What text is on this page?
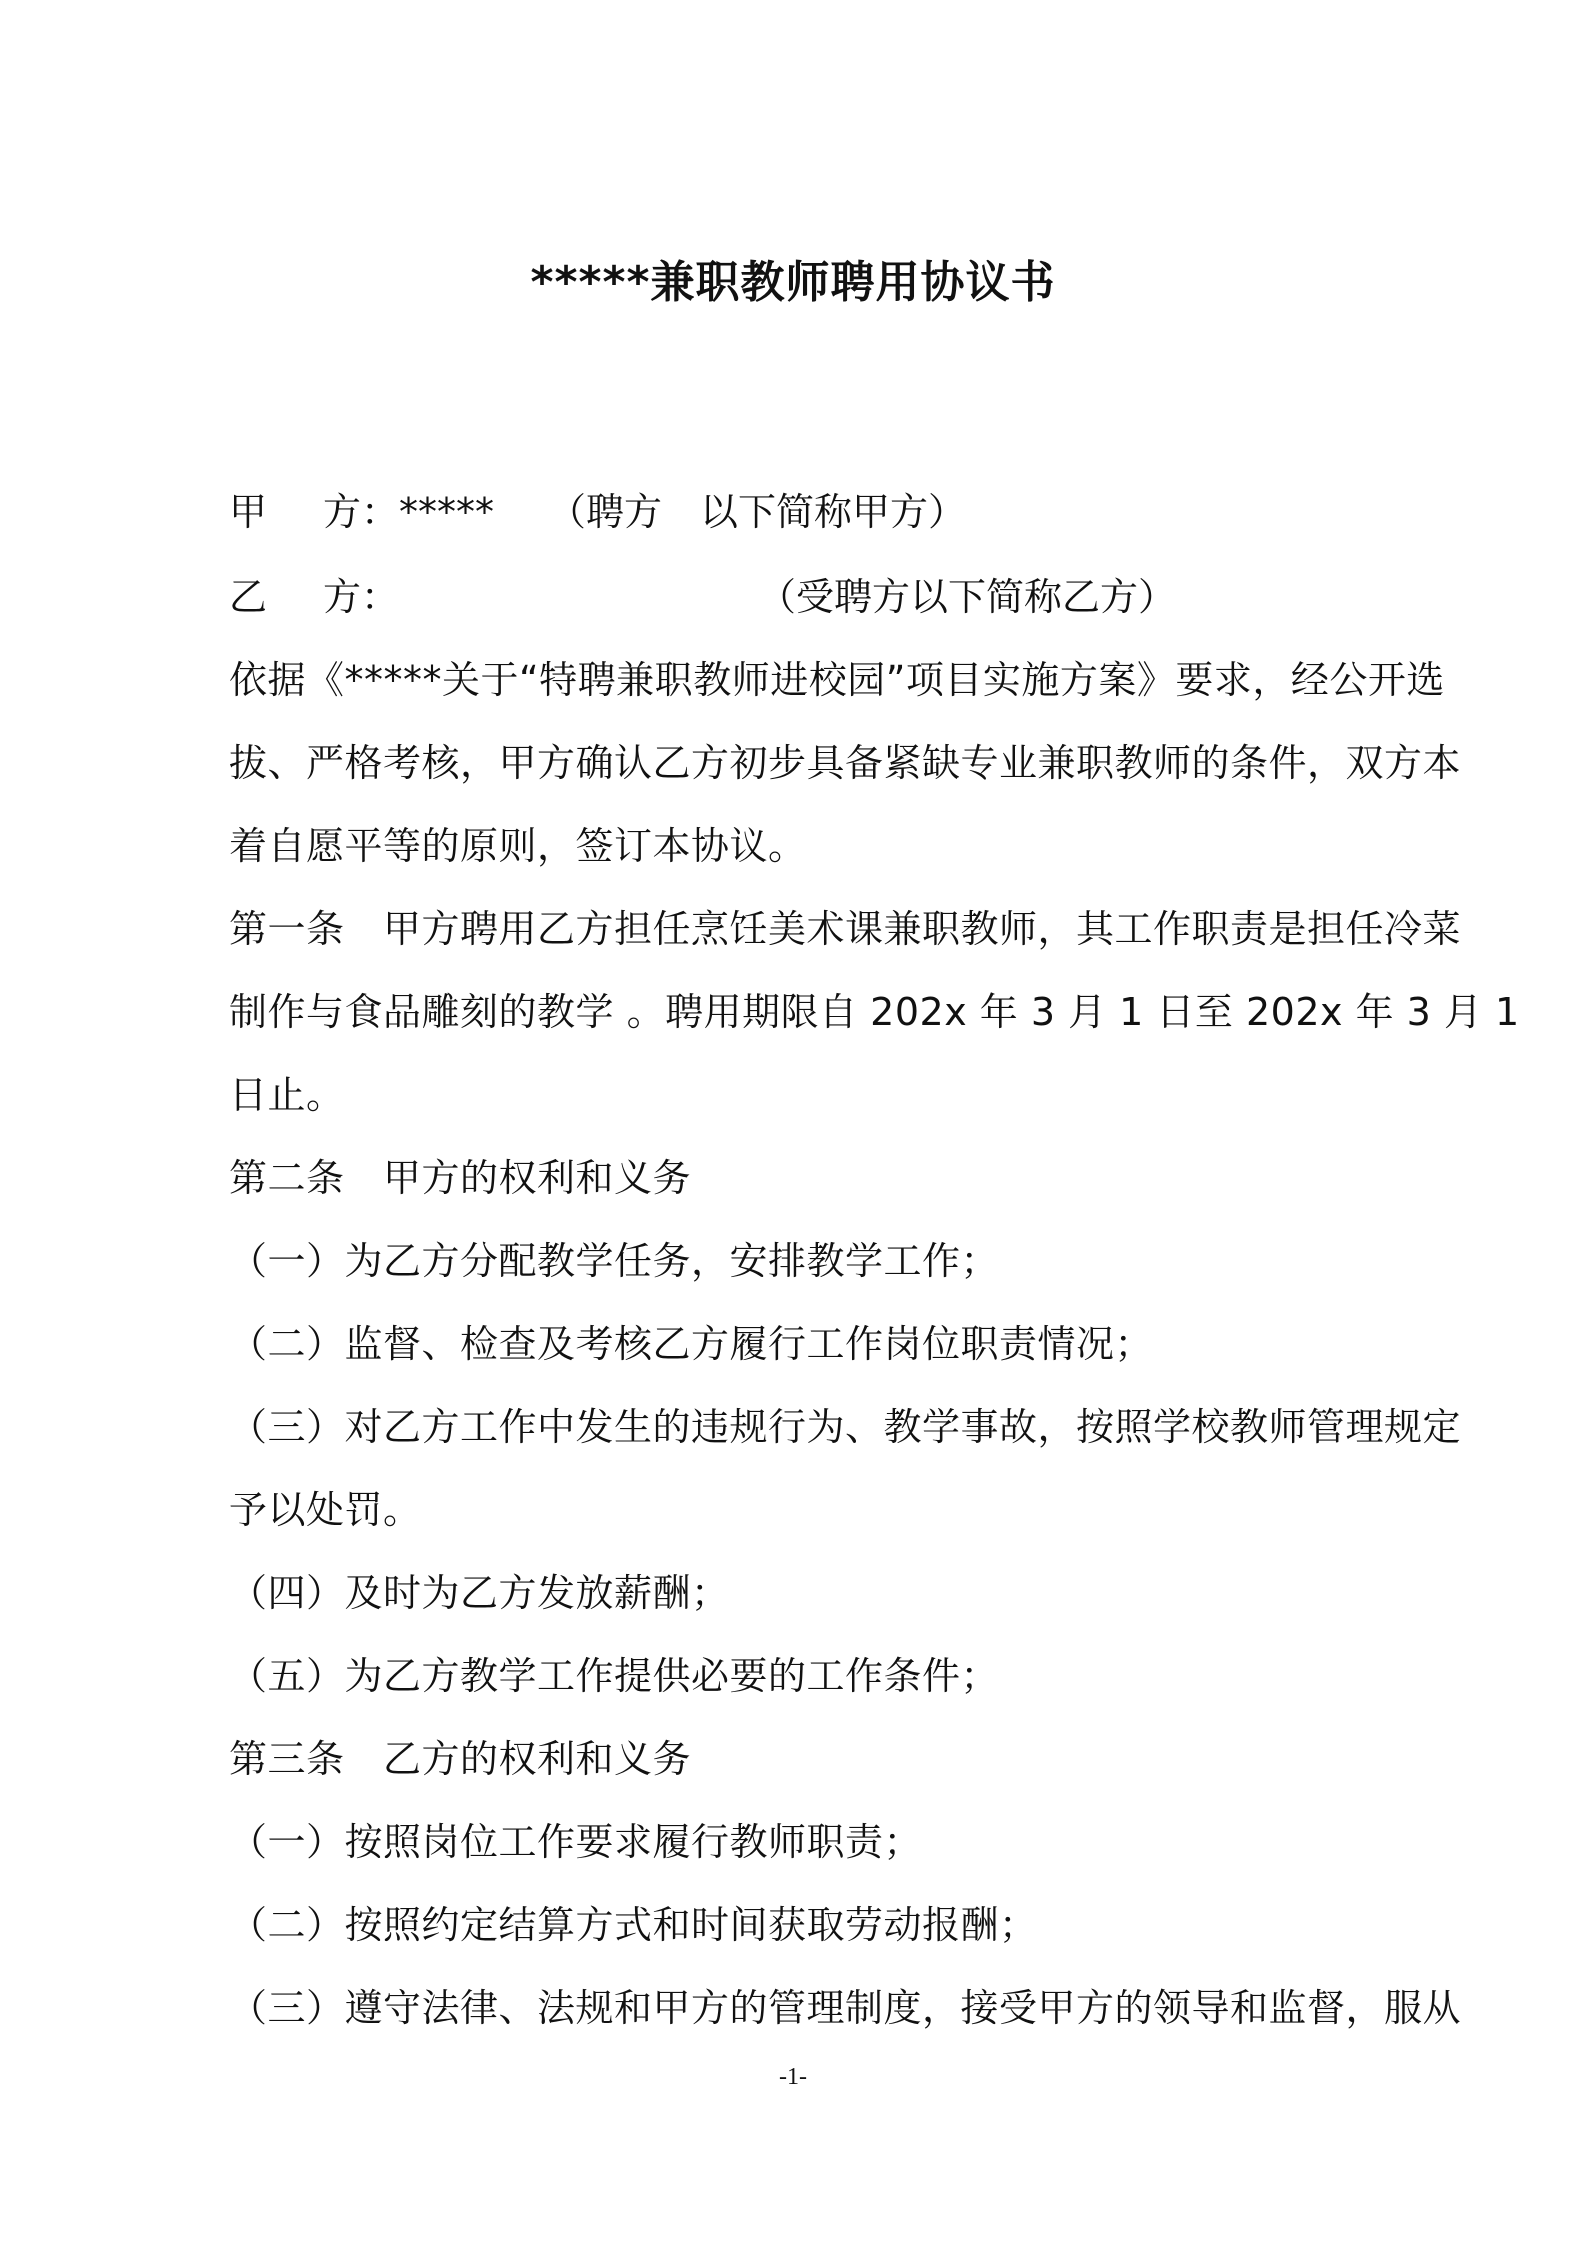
*****兼职教师聘用协议书
甲 方：***** （聘方　以下简称甲方）
乙 方：	（受聘方以下简称乙方）
依据《*****关于“特聘兼职教师进校园”项目实施方案》要求，经公开选
拔、严格考核，甲方确认乙方初步具备紧缺专业兼职教师的条件，双方本
着自愿平等的原则，签订本协议。
第一条　甲方聘用乙方担任烹饪美术课兼职教师，其工作职责是担任冷菜
制作与食品雕刻的教学 。聘用期限自 202x 年 3 月 1 日至 202x 年 3 月 1
日止。
第二条　甲方的权利和义务
（一）为乙方分配教学任务，安排教学工作；
（二）监督、检查及考核乙方履行工作岗位职责情况；
（三）对乙方工作中发生的违规行为、教学事故，按照学校教师管理规定
予以处罚。
（四）及时为乙方发放薪酬；
（五）为乙方教学工作提供必要的工作条件；
第三条　乙方的权利和义务
（一）按照岗位工作要求履行教师职责；
（二）按照约定结算方式和时间获取劳动报酬；
（三）遵守法律、法规和甲方的管理制度，接受甲方的领导和监督，服从
-1-
